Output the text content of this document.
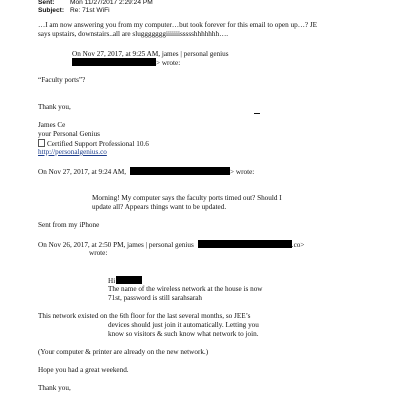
Sent: Mon 11/27/2017 2:29:24 PM
Subject: Re: 71st WiFi
…I am now answering you from my computer…but took forever for this email to open up…? JE
says upstairs, downstairs..all are slugggggggiiiiiiissssshhhhhhh….
On Nov 27, 2017, at 9:25 AM, james | personal genius
> wrote:
“Faculty ports”?
Thank you,
James Ce
your Personal Genius
Certified Support Professional 10.6
http://personalgenius.co
On Nov 27, 2017, at 9:24 AM,	> wrote:
Morning! My computer says the faculty ports timed out? Should I
update all? Appears things want to be updated.
Sent from my iPhone
On Nov 26, 2017, at 2:50 PM, james | personal genius	.co>
wrote:
Hi
The name of the wireless network at the house is now
71st, password is still sarahsarah
This network existed on the 6th floor for the last several months, so JEE’s
devices should just join it automatically. Letting you
know so visitors & such know what network to join.
(Your computer & printer are already on the new network.)
Hope you had a great weekend.
Thank you,
